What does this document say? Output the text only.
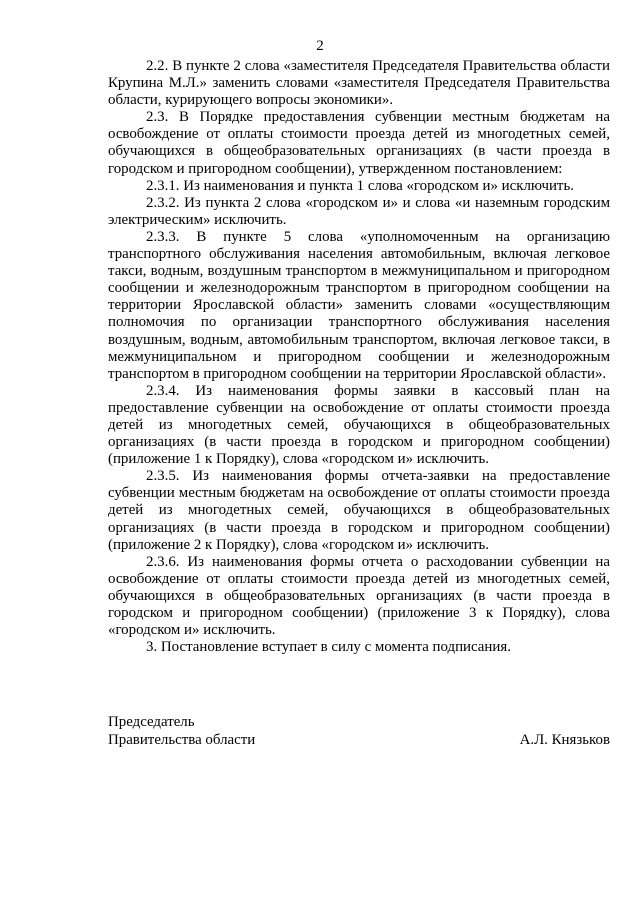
2

2.2. В пункте 2 слова «заместителя Председателя Правительства области Крупина М.Л.» заменить словами «заместителя Председателя Правительства области, курирующего вопросы экономики».

2.3. В Порядке предоставления субвенции местным бюджетам на освобождение от оплаты стоимости проезда детей из многодетных семей, обучающихся в общеобразовательных организациях (в части проезда в городском и пригородном сообщении), утвержденном постановлением:

2.3.1. Из наименования и пункта 1 слова «городском и» исключить.

2.3.2. Из пункта 2 слова «городском и» и слова «и наземным городским электрическим» исключить.

2.3.3. В пункте 5 слова «уполномоченным на организацию транспортного обслуживания населения автомобильным, включая легковое такси, водным, воздушным транспортом в межмуниципальном и пригородном сообщении и железнодорожным транспортом в пригородном сообщении на территории Ярославской области» заменить словами «осуществляющим полномочия по организации транспортного обслуживания населения воздушным, водным, автомобильным транспортом, включая легковое такси, в межмуниципальном и пригородном сообщении и железнодорожным транспортом в пригородном сообщении на территории Ярославской области».

2.3.4. Из наименования формы заявки в кассовый план на предоставление субвенции на освобождение от оплаты стоимости проезда детей из многодетных семей, обучающихся в общеобразовательных организациях (в части проезда в городском и пригородном сообщении) (приложение 1 к Порядку), слова «городском и» исключить.

2.3.5. Из наименования формы отчета-заявки на предоставление субвенции местным бюджетам на освобождение от оплаты стоимости проезда детей из многодетных семей, обучающихся в общеобразовательных организациях (в части проезда в городском и пригородном сообщении) (приложение 2 к Порядку), слова «городском и» исключить.

2.3.6. Из наименования формы отчета о расходовании субвенции на освобождение от оплаты стоимости проезда детей из многодетных семей, обучающихся в общеобразовательных организациях (в части проезда в городском и пригородном сообщении) (приложение 3 к Порядку), слова «городском и» исключить.

3. Постановление вступает в силу с момента подписания.

Председатель
Правительства области	А.Л. Князьков
